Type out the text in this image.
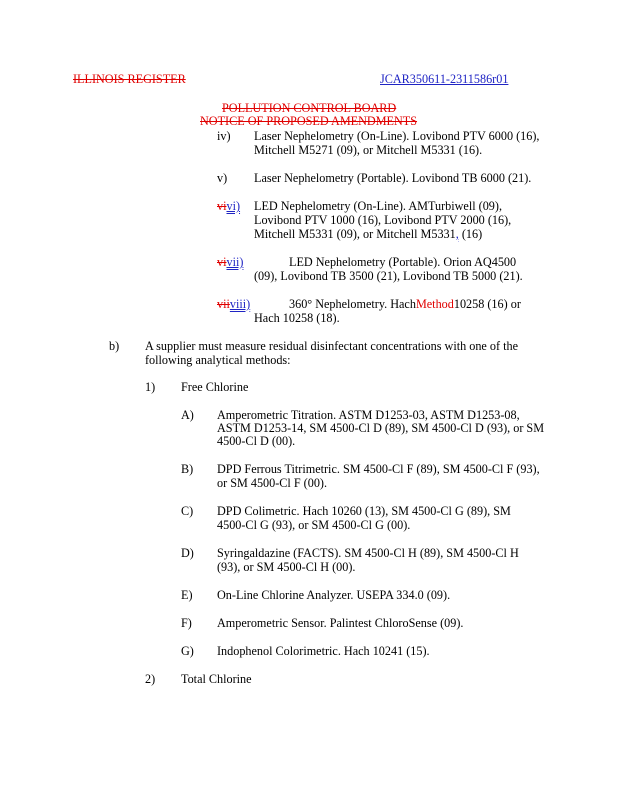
ILLINOIS REGISTER	JCAR350611-2311586r01
POLLUTION CONTROL BOARD
NOTICE OF PROPOSED AMENDMENTS
iv) Laser Nephelometry (On-Line). Lovibond PTV 6000 (16),
Mitchell M5271 (09), or Mitchell M5331 (16).
v) Laser Nephelometry (Portable). Lovibond TB 6000 (21).
vivi) LED Nephelometry (On-Line). AMTurbiwell (09),
Lovibond PTV 1000 (16), Lovibond PTV 2000 (16),
Mitchell M5331 (09), or Mitchell M5331, (16)
vivii)	LED Nephelometry (Portable). Orion AQ4500
(09), Lovibond TB 3500 (21), Lovibond TB 5000 (21).
viiviii)	360° Nephelometry. HachMethod10258 (16) or
Hach 10258 (18).
b) A supplier must measure residual disinfectant concentrations with one of the
following analytical methods:
1) Free Chlorine
A) Amperometric Titration. ASTM D1253-03, ASTM D1253-08,
ASTM D1253-14, SM 4500-Cl D (89), SM 4500-Cl D (93), or SM
4500-Cl D (00).
B) DPD Ferrous Titrimetric. SM 4500-Cl F (89), SM 4500-Cl F (93),
or SM 4500-Cl F (00).
C) DPD Colimetric. Hach 10260 (13), SM 4500-Cl G (89), SM
4500-Cl G (93), or SM 4500-Cl G (00).
D) Syringaldazine (FACTS). SM 4500-Cl H (89), SM 4500-Cl H
(93), or SM 4500-Cl H (00).
E) On-Line Chlorine Analyzer. USEPA 334.0 (09).
F) Amperometric Sensor. Palintest ChloroSense (09).
G) Indophenol Colorimetric. Hach 10241 (15).
2) Total Chlorine
